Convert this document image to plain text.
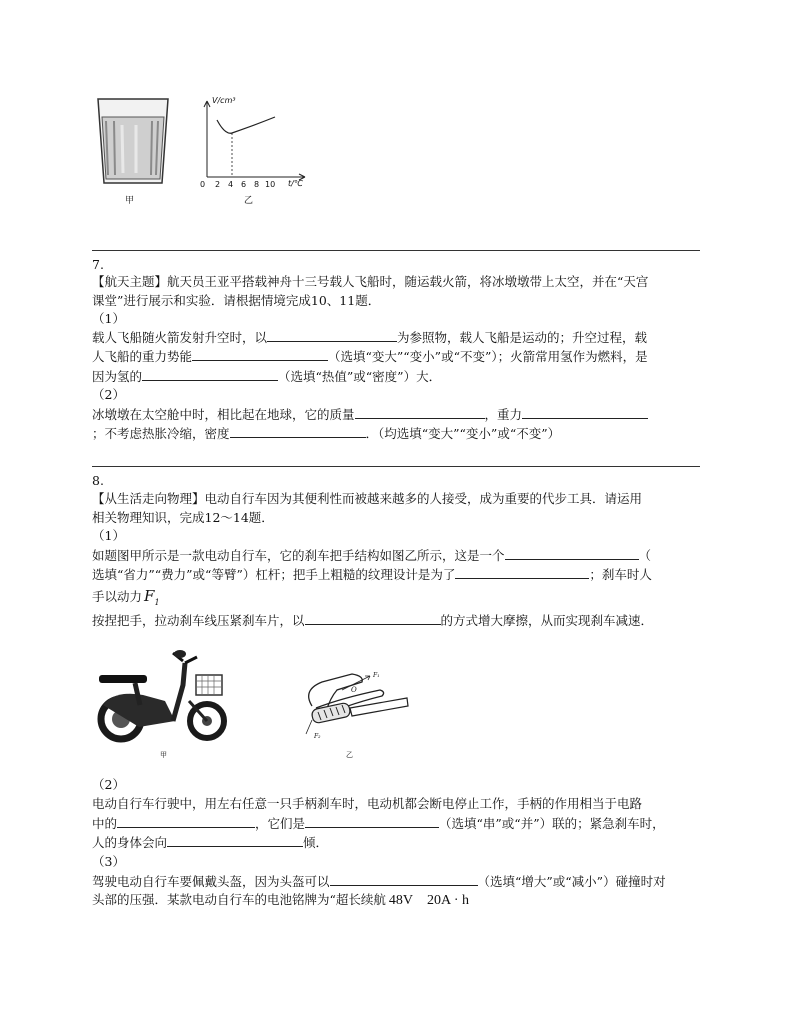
甲
V/cm³
t/℃
0 2 4 6 8 10
乙
7.
【航天主题】航天员王亚平搭载神舟十三号载人飞船时，随运载火箭，将冰墩墩带上太空，并在“天宫
课堂”进行展示和实验．请根据情境完成10、11题．
（1）
载人飞船随火箭发射升空时，以	为参照物，载人飞船是运动的；升空过程，载
人飞船的重力势能	（选填“变大”“变小”或“不变”）；火箭常用氢作为燃料，是
因为氢的	（选填“热值”或“密度”）大．
（2）
冰墩墩在太空舱中时，相比起在地球，它的质量	，重力
；不考虑热胀冷缩，密度	．（均选填“变大”“变小”或“不变”）
8.
【从生活走向物理】电动自行车因为其便利性而被越来越多的人接受，成为重要的代步工具．请运用
相关物理知识，完成12～14题．
（1）
如题图甲所示是一款电动自行车，它的刹车把手结构如图乙所示，这是一个	（
选填“省力”“费力”或“等臂”）杠杆；把手上粗糙的纹理设计是为了	；刹车时人
手以动力 $F_1$
按捏把手，拉动刹车线压紧刹车片，以	的方式增大摩擦，从而实现刹车减速．
甲
O
F₁
F₂
乙
（2）
电动自行车行驶中，用左右任意一只手柄刹车时，电动机都会断电停止工作，手柄的作用相当于电路
中的	，它们是	（选填“串”或“并”）联的；紧急刹车时，
人的身体会向	倾．
（3）
驾驶电动自行车要佩戴头盔，因为头盔可以	（选填“增大”或“减小”）碰撞时对
头部的压强．某款电动自行车的电池铭牌为“超长续航 48V 20A · h
